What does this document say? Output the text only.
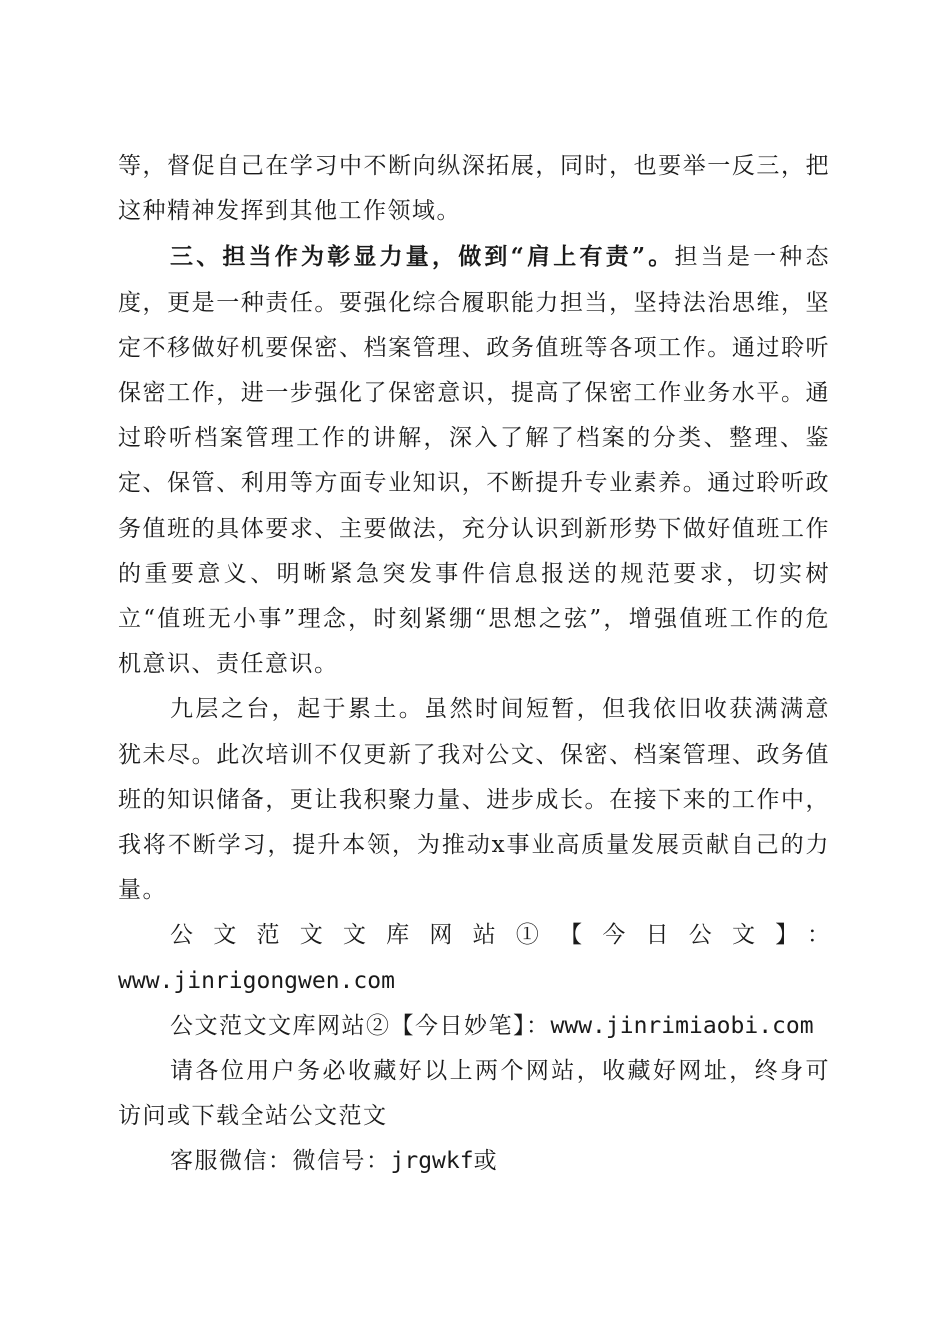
等，督促自己在学习中不断向纵深拓展，同时，也要举一反三，把这种精神发挥到其他工作领域。

三、担当作为彰显力量，做到“肩上有责”。担当是一种态度，更是一种责任。要强化综合履职能力担当，坚持法治思维，坚定不移做好机要保密、档案管理、政务值班等各项工作。通过聆听保密工作，进一步强化了保密意识，提高了保密工作业务水平。通过聆听档案管理工作的讲解，深入了解了档案的分类、整理、鉴定、保管、利用等方面专业知识，不断提升专业素养。通过聆听政务值班的具体要求、主要做法，充分认识到新形势下做好值班工作的重要意义、明晰紧急突发事件信息报送的规范要求，切实树立“值班无小事”理念，时刻紧绷“思想之弦”，增强值班工作的危机意识、责任意识。

九层之台，起于累土。虽然时间短暂，但我依旧收获满满意犹未尽。此次培训不仅更新了我对公文、保密、档案管理、政务值班的知识储备，更让我积聚力量、进步成长。在接下来的工作中，我将不断学习，提升本领，为推动x事业高质量发展贡献自己的力量。

公文范文文库网站①【今日公文】：

www.jinrigongwen.com

公文范文文库网站②【今日妙笔】：www.jinrimiaobi.com

请各位用户务必收藏好以上两个网站，收藏好网址，终身可访问或下载全站公文范文

客服微信：微信号：jrgwkf或
